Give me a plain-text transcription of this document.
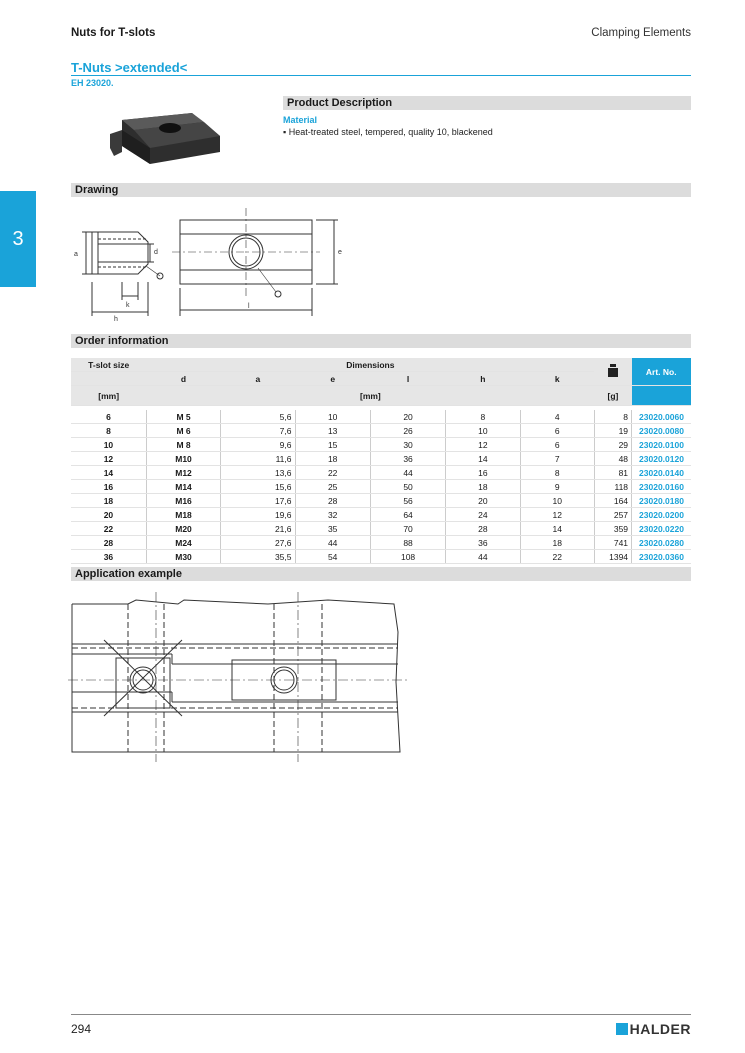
Nuts for T-slots	Clamping Elements
T-Nuts >extended<
EH 23020.
3
Product Description
Material
▪ Heat-treated steel, tempered, quality 10, blackened
Drawing
a	d
k
h
l
e
Order information
T-slot size	Dimensions							Art. No.
	d	a	e	l	h	k		
[mm]	[mm]						[g]	

6	M 5	5,6	10	20	8	4	8	23020.0060
8	M 6	7,6	13	26	10	6	19	23020.0080
10	M 8	9,6	15	30	12	6	29	23020.0100
12	M10	11,6	18	36	14	7	48	23020.0120
14	M12	13,6	22	44	16	8	81	23020.0140
16	M14	15,6	25	50	18	9	118	23020.0160
18	M16	17,6	28	56	20	10	164	23020.0180
20	M18	19,6	32	64	24	12	257	23020.0200
22	M20	21,6	35	70	28	14	359	23020.0220
28	M24	27,6	44	88	36	18	741	23020.0280
36	M30	35,5	54	108	44	22	1394	23020.0360
Application example
294	HALDER
